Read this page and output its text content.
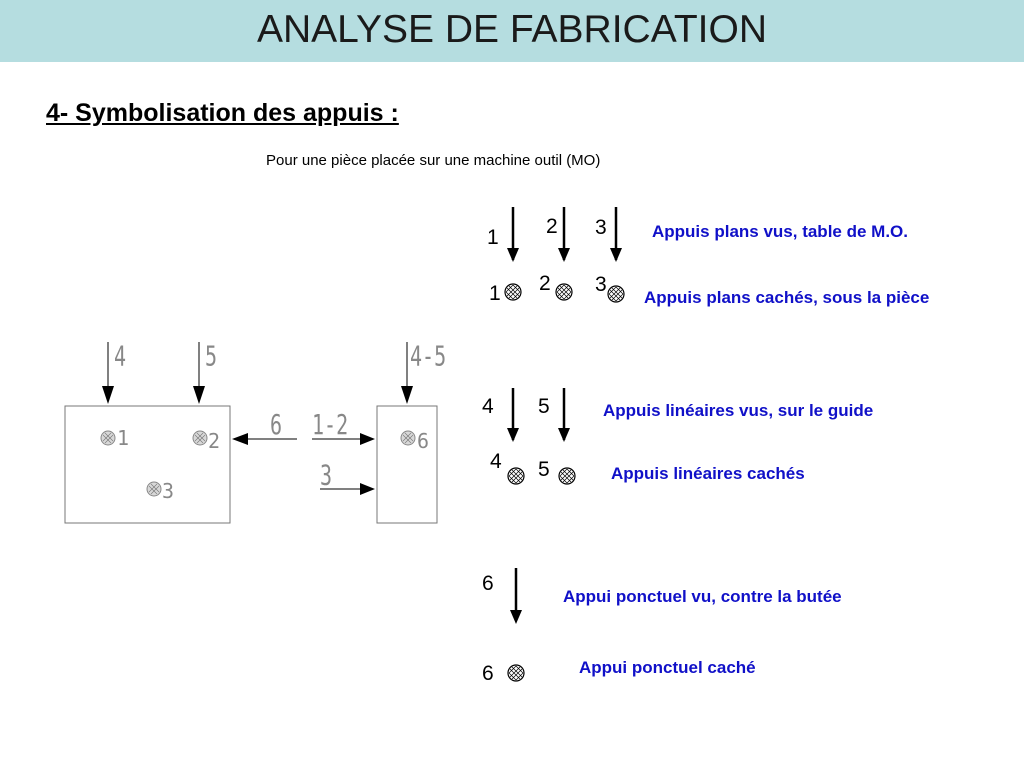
ANALYSE DE FABRICATION
4- Symbolisation des appuis :
Pour une pièce placée sur une machine outil (MO)
4	5	4-5
6 1-2
3
1	2
3
6
1 2 3
1 2 3
4 5
4 5
6
6
Appuis plans vus, table de M.O.
Appuis plans cachés, sous la pièce
Appuis linéaires vus, sur le guide
Appuis linéaires cachés
Appui ponctuel vu, contre la butée
Appui ponctuel caché
